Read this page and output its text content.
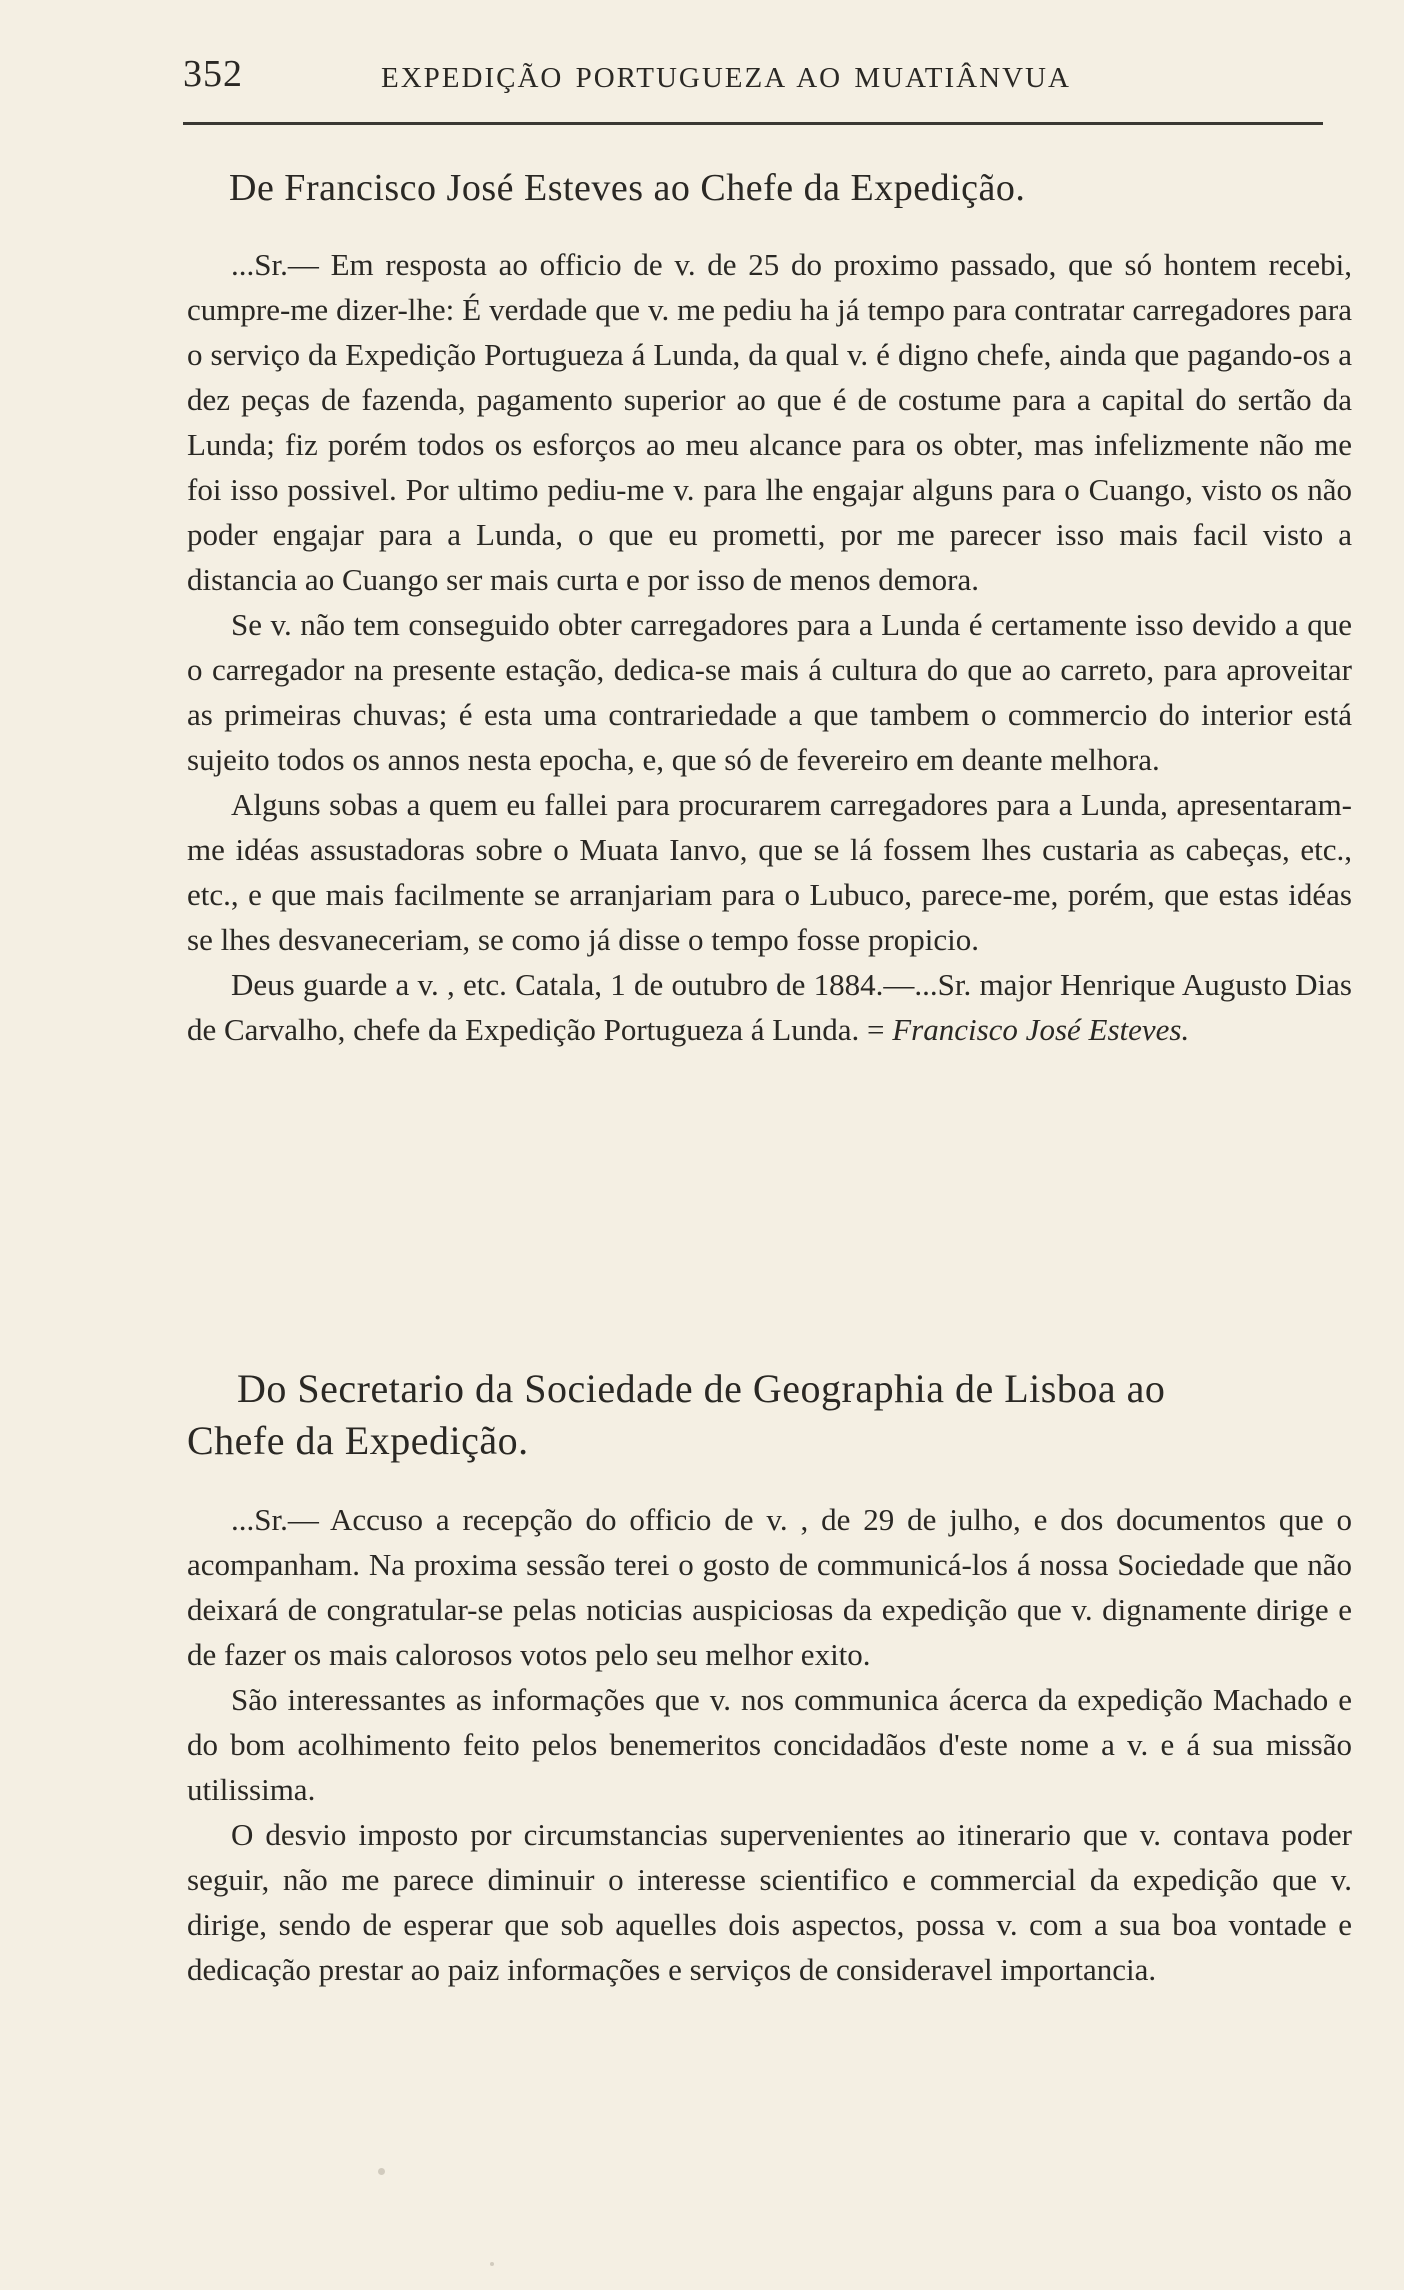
352	EXPEDIÇÃO PORTUGUEZA AO MUATIÂNVUA
De Francisco José Esteves ao Chefe da Expedição.

...Sr.— Em resposta ao officio de v. de 25 do proximo passado, que só hontem recebi, cumpre-me dizer-lhe: É verdade que v. me pediu ha já tempo para contratar carregadores para o serviço da Expedição Portugueza á Lunda, da qual v. é digno chefe, ainda que pagando-os a dez peças de fazenda, pagamento superior ao que é de costume para a capital do sertão da Lunda; fiz porém todos os esforços ao meu alcance para os obter, mas infelizmente não me foi isso possivel. Por ultimo pediu-me v. para lhe engajar alguns para o Cuango, visto os não poder engajar para a Lunda, o que eu prometti, por me parecer isso mais facil visto a distancia ao Cuango ser mais curta e por isso de menos demora.

Se v. não tem conseguido obter carregadores para a Lunda é certamente isso devido a que o carregador na presente estação, dedica-se mais á cultura do que ao carreto, para aproveitar as primeiras chuvas; é esta uma contrariedade a que tambem o commercio do interior está sujeito todos os annos nesta epocha, e, que só de fevereiro em deante melhora.

Alguns sobas a quem eu fallei para procurarem carregadores para a Lunda, apresentaram-me idéas assustadoras sobre o Muata Ianvo, que se lá fossem lhes custaria as cabeças, etc., etc., e que mais facilmente se arranjariam para o Lubuco, parece-me, porém, que estas idéas se lhes desvaneceriam, se como já disse o tempo fosse propicio.

Deus guarde a v. , etc. Catala, 1 de outubro de 1884.—...Sr. major Henrique Augusto Dias de Carvalho, chefe da Expedição Portugueza á Lunda. = Francisco José Esteves.

Do Secretario da Sociedade de Geographia de Lisboa ao
Chefe da Expedição.

...Sr.— Accuso a recepção do officio de v. , de 29 de julho, e dos documentos que o acompanham. Na proxima sessão terei o gosto de communicá-los á nossa Sociedade que não deixará de congratular-se pelas noticias auspiciosas da expedição que v. dignamente dirige e de fazer os mais calorosos votos pelo seu melhor exito.

São interessantes as informações que v. nos communica ácerca da expedição Machado e do bom acolhimento feito pelos benemeritos concidadãos d'este nome a v. e á sua missão utilissima.

O desvio imposto por circumstancias supervenientes ao itinerario que v. contava poder seguir, não me parece diminuir o interesse scientifico e commercial da expedição que v. dirige, sendo de esperar que sob aquelles dois aspectos, possa v. com a sua boa vontade e dedicação prestar ao paiz informações e serviços de consideravel importancia.
